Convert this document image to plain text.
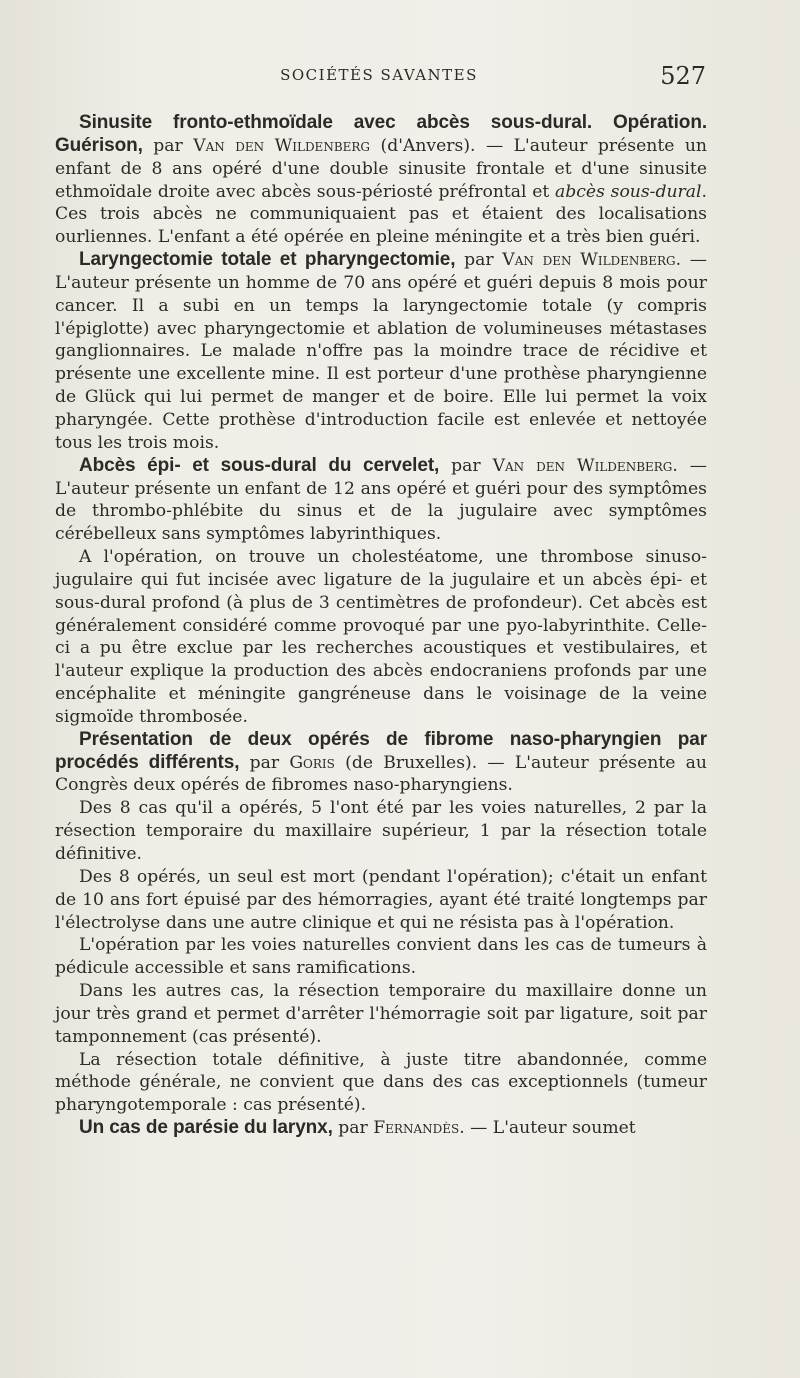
SOCIÉTÉS SAVANTES	527

Sinusite fronto-ethmoïdale avec abcès sous-dural. Opération. Guérison, par Van den Wildenberg (d'Anvers). — L'auteur présente un enfant de 8 ans opéré d'une double sinusite frontale et d'une sinusite ethmoïdale droite avec abcès sous-périosté préfrontal et abcès sous-dural. Ces trois abcès ne communiquaient pas et étaient des localisations ourliennes. L'enfant a été opérée en pleine méningite et a très bien guéri.

Laryngectomie totale et pharyngectomie, par Van den Wildenberg. — L'auteur présente un homme de 70 ans opéré et guéri depuis 8 mois pour cancer. Il a subi en un temps la laryngectomie totale (y compris l'épiglotte) avec pharyngectomie et ablation de volumineuses métastases ganglionnaires. Le malade n'offre pas la moindre trace de récidive et présente une excellente mine. Il est porteur d'une prothèse pharyngienne de Glück qui lui permet de manger et de boire. Elle lui permet la voix pharyngée. Cette prothèse d'introduction facile est enlevée et nettoyée tous les trois mois.

Abcès épi- et sous-dural du cervelet, par Van den Wildenberg. — L'auteur présente un enfant de 12 ans opéré et guéri pour des symptômes de thrombo-phlébite du sinus et de la jugulaire avec symptômes cérébelleux sans symptômes labyrinthiques.

A l'opération, on trouve un cholestéatome, une thrombose sinuso-jugulaire qui fut incisée avec ligature de la jugulaire et un abcès épi- et sous-dural profond (à plus de 3 centimètres de profondeur). Cet abcès est généralement considéré comme provoqué par une pyo-labyrinthite. Celle-ci a pu être exclue par les recherches acoustiques et vestibulaires, et l'auteur explique la production des abcès endocraniens profonds par une encéphalite et méningite gangréneuse dans le voisinage de la veine sigmoïde thrombosée.

Présentation de deux opérés de fibrome naso-pharyngien par procédés différents, par Goris (de Bruxelles). — L'auteur présente au Congrès deux opérés de fibromes naso-pharyngiens.

Des 8 cas qu'il a opérés, 5 l'ont été par les voies naturelles, 2 par la résection temporaire du maxillaire supérieur, 1 par la résection totale définitive.

Des 8 opérés, un seul est mort (pendant l'opération); c'était un enfant de 10 ans fort épuisé par des hémorragies, ayant été traité longtemps par l'électrolyse dans une autre clinique et qui ne résista pas à l'opération.

L'opération par les voies naturelles convient dans les cas de tumeurs à pédicule accessible et sans ramifications.

Dans les autres cas, la résection temporaire du maxillaire donne un jour très grand et permet d'arrêter l'hémorragie soit par ligature, soit par tamponnement (cas présenté).

La résection totale définitive, à juste titre abandonnée, comme méthode générale, ne convient que dans des cas exceptionnels (tumeur pharyngotemporale : cas présenté).

Un cas de parésie du larynx, par Fernandès. — L'auteur soumet
